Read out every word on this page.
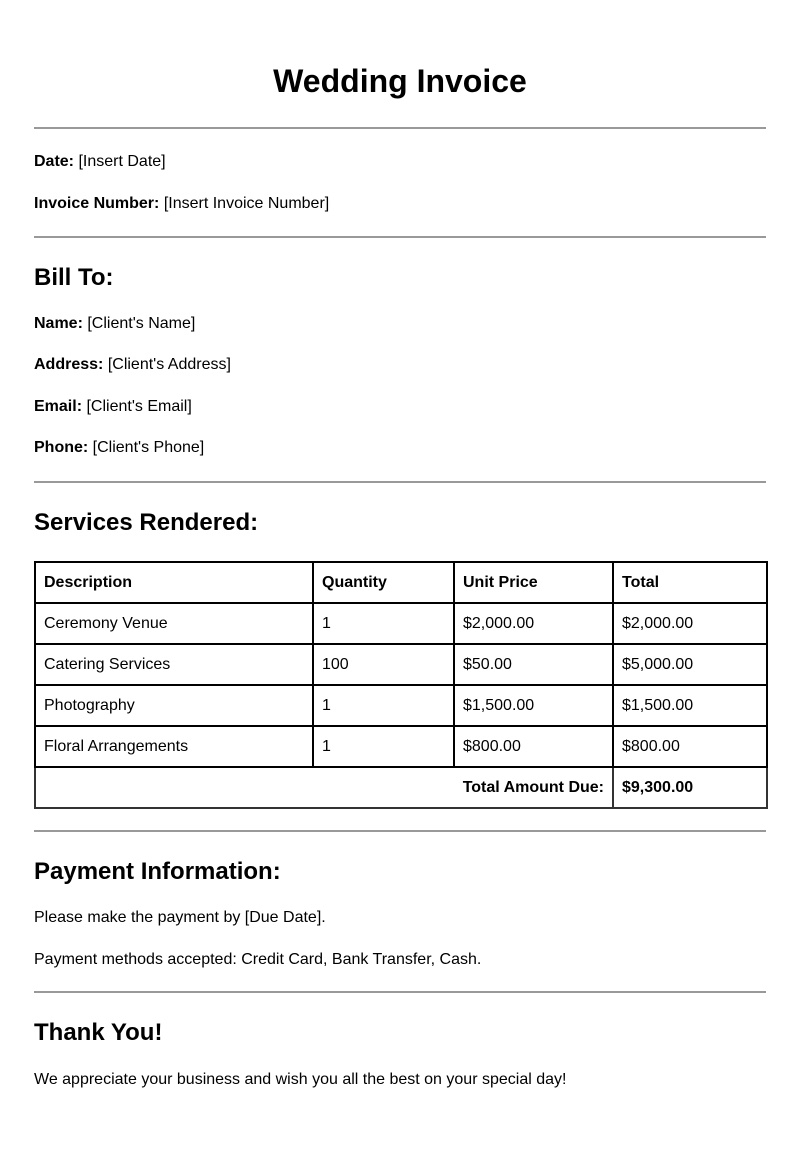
Wedding Invoice

Date: [Insert Date]

Invoice Number: [Insert Invoice Number]

Bill To:

Name: [Client's Name]

Address: [Client's Address]

Email: [Client's Email]

Phone: [Client's Phone]

Services Rendered:
Description	Quantity	Unit Price	Total
Ceremony Venue	1	$2,000.00	$2,000.00
Catering Services	100	$50.00	$5,000.00
Photography	1	$1,500.00	$1,500.00
Floral Arrangements	1	$800.00	$800.00
Total Amount Due:			$9,300.00
Payment Information:

Please make the payment by [Due Date].

Payment methods accepted: Credit Card, Bank Transfer, Cash.

Thank You!

We appreciate your business and wish you all the best on your special day!
